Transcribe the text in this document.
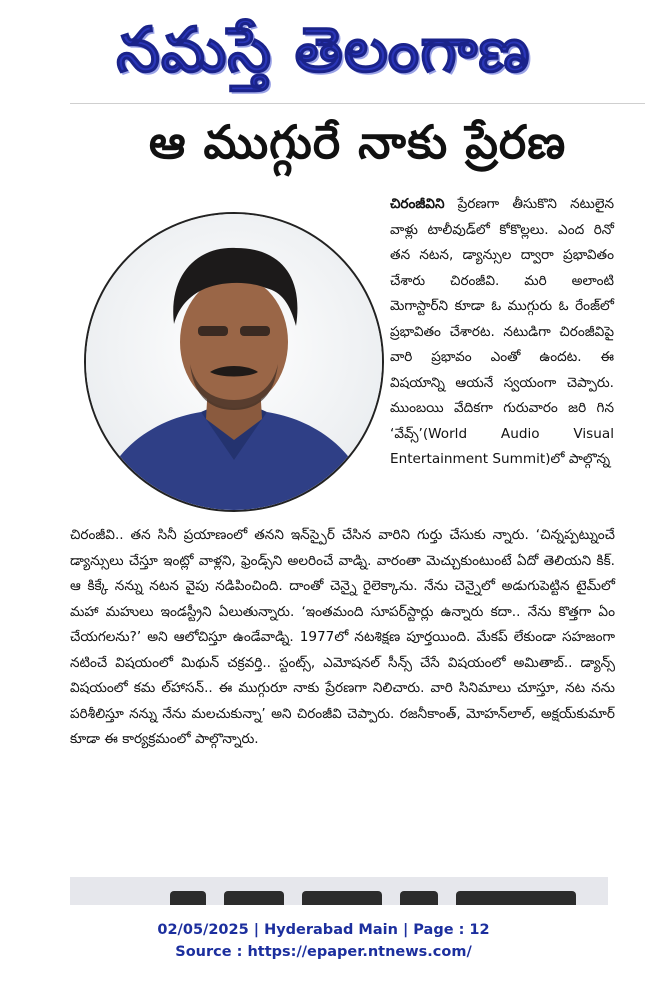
నమస్తే తెలంగాణ
ఆ ముగ్గురే నాకు ప్రేరణ

చిరంజీవిని ప్రేరణగా తీసుకొని నటులైన వాళ్లు టాలీవుడ్‌లో కోకొల్లలు. ఎంద రినో తన నటన, డ్యాన్సుల ద్వారా ప్రభావితం చేశారు చిరంజీవి. మరి అలాంటి మెగాస్టార్‌ని కూడా ఓ ముగ్గురు ఓ రేంజ్‌లో ప్రభావితం చేశారట. నటుడిగా చిరంజీవిపై వారి ప్రభావం ఎంతో ఉందట. ఈ విషయాన్ని ఆయనే స్వయంగా చెప్పారు. ముంబయి వేదికగా గురువారం జరి గిన ‘వేవ్స్’(World Audio Visual Entertainment Summit)లో పాల్గొన్న

చిరంజీవి.. తన సినీ ప్రయాణంలో తనని ఇన్‌స్పైర్ చేసిన వారిని గుర్తు చేసుకు న్నారు. ‘చిన్నప్పట్నుంచే డ్యాన్సులు చేస్తూ ఇంట్లో వాళ్లని, ఫ్రెండ్స్‌ని అలరించే వాడ్ని. వారంతా మెచ్చుకుంటుంటే ఏదో తెలియని కిక్. ఆ కిక్కే నన్ను నటన వైపు నడిపించింది. దాంతో చెన్నై రైలెక్కాను. నేను చెన్నైలో అడుగుపెట్టిన టైమ్‌లో మహా మహులు ఇండస్ట్రీని ఏలుతున్నారు. ‘ఇంతమంది సూపర్‌స్టార్లు ఉన్నారు కదా.. నేను కొత్తగా ఏం చేయగలను?’ అని ఆలోచిస్తూ ఉండేవాడ్ని. 1977లో నటశిక్షణ పూర్తయింది. మేకప్ లేకుండా సహజంగా నటించే విషయంలో మిథున్ చక్రవర్తి.. స్టంట్స్, ఎమోషనల్ సీన్స్ చేసే విషయంలో అమితాబ్.. డ్యాన్స్ విషయంలో కమ ల్‌హాసన్.. ఈ ముగ్గురూ నాకు ప్రేరణగా నిలిచారు. వారి సినిమాలు చూస్తూ, నట నను పరిశీలిస్తూ నన్ను నేను మలచుకున్నా’ అని చిరంజీవి చెప్పారు. రజనీకాంత్, మోహన్‌లాల్, అక్షయ్‌కుమార్ కూడా ఈ కార్యక్రమంలో పాల్గొన్నారు.

02/05/2025 | Hyderabad Main | Page : 12
Source : https://epaper.ntnews.com/
